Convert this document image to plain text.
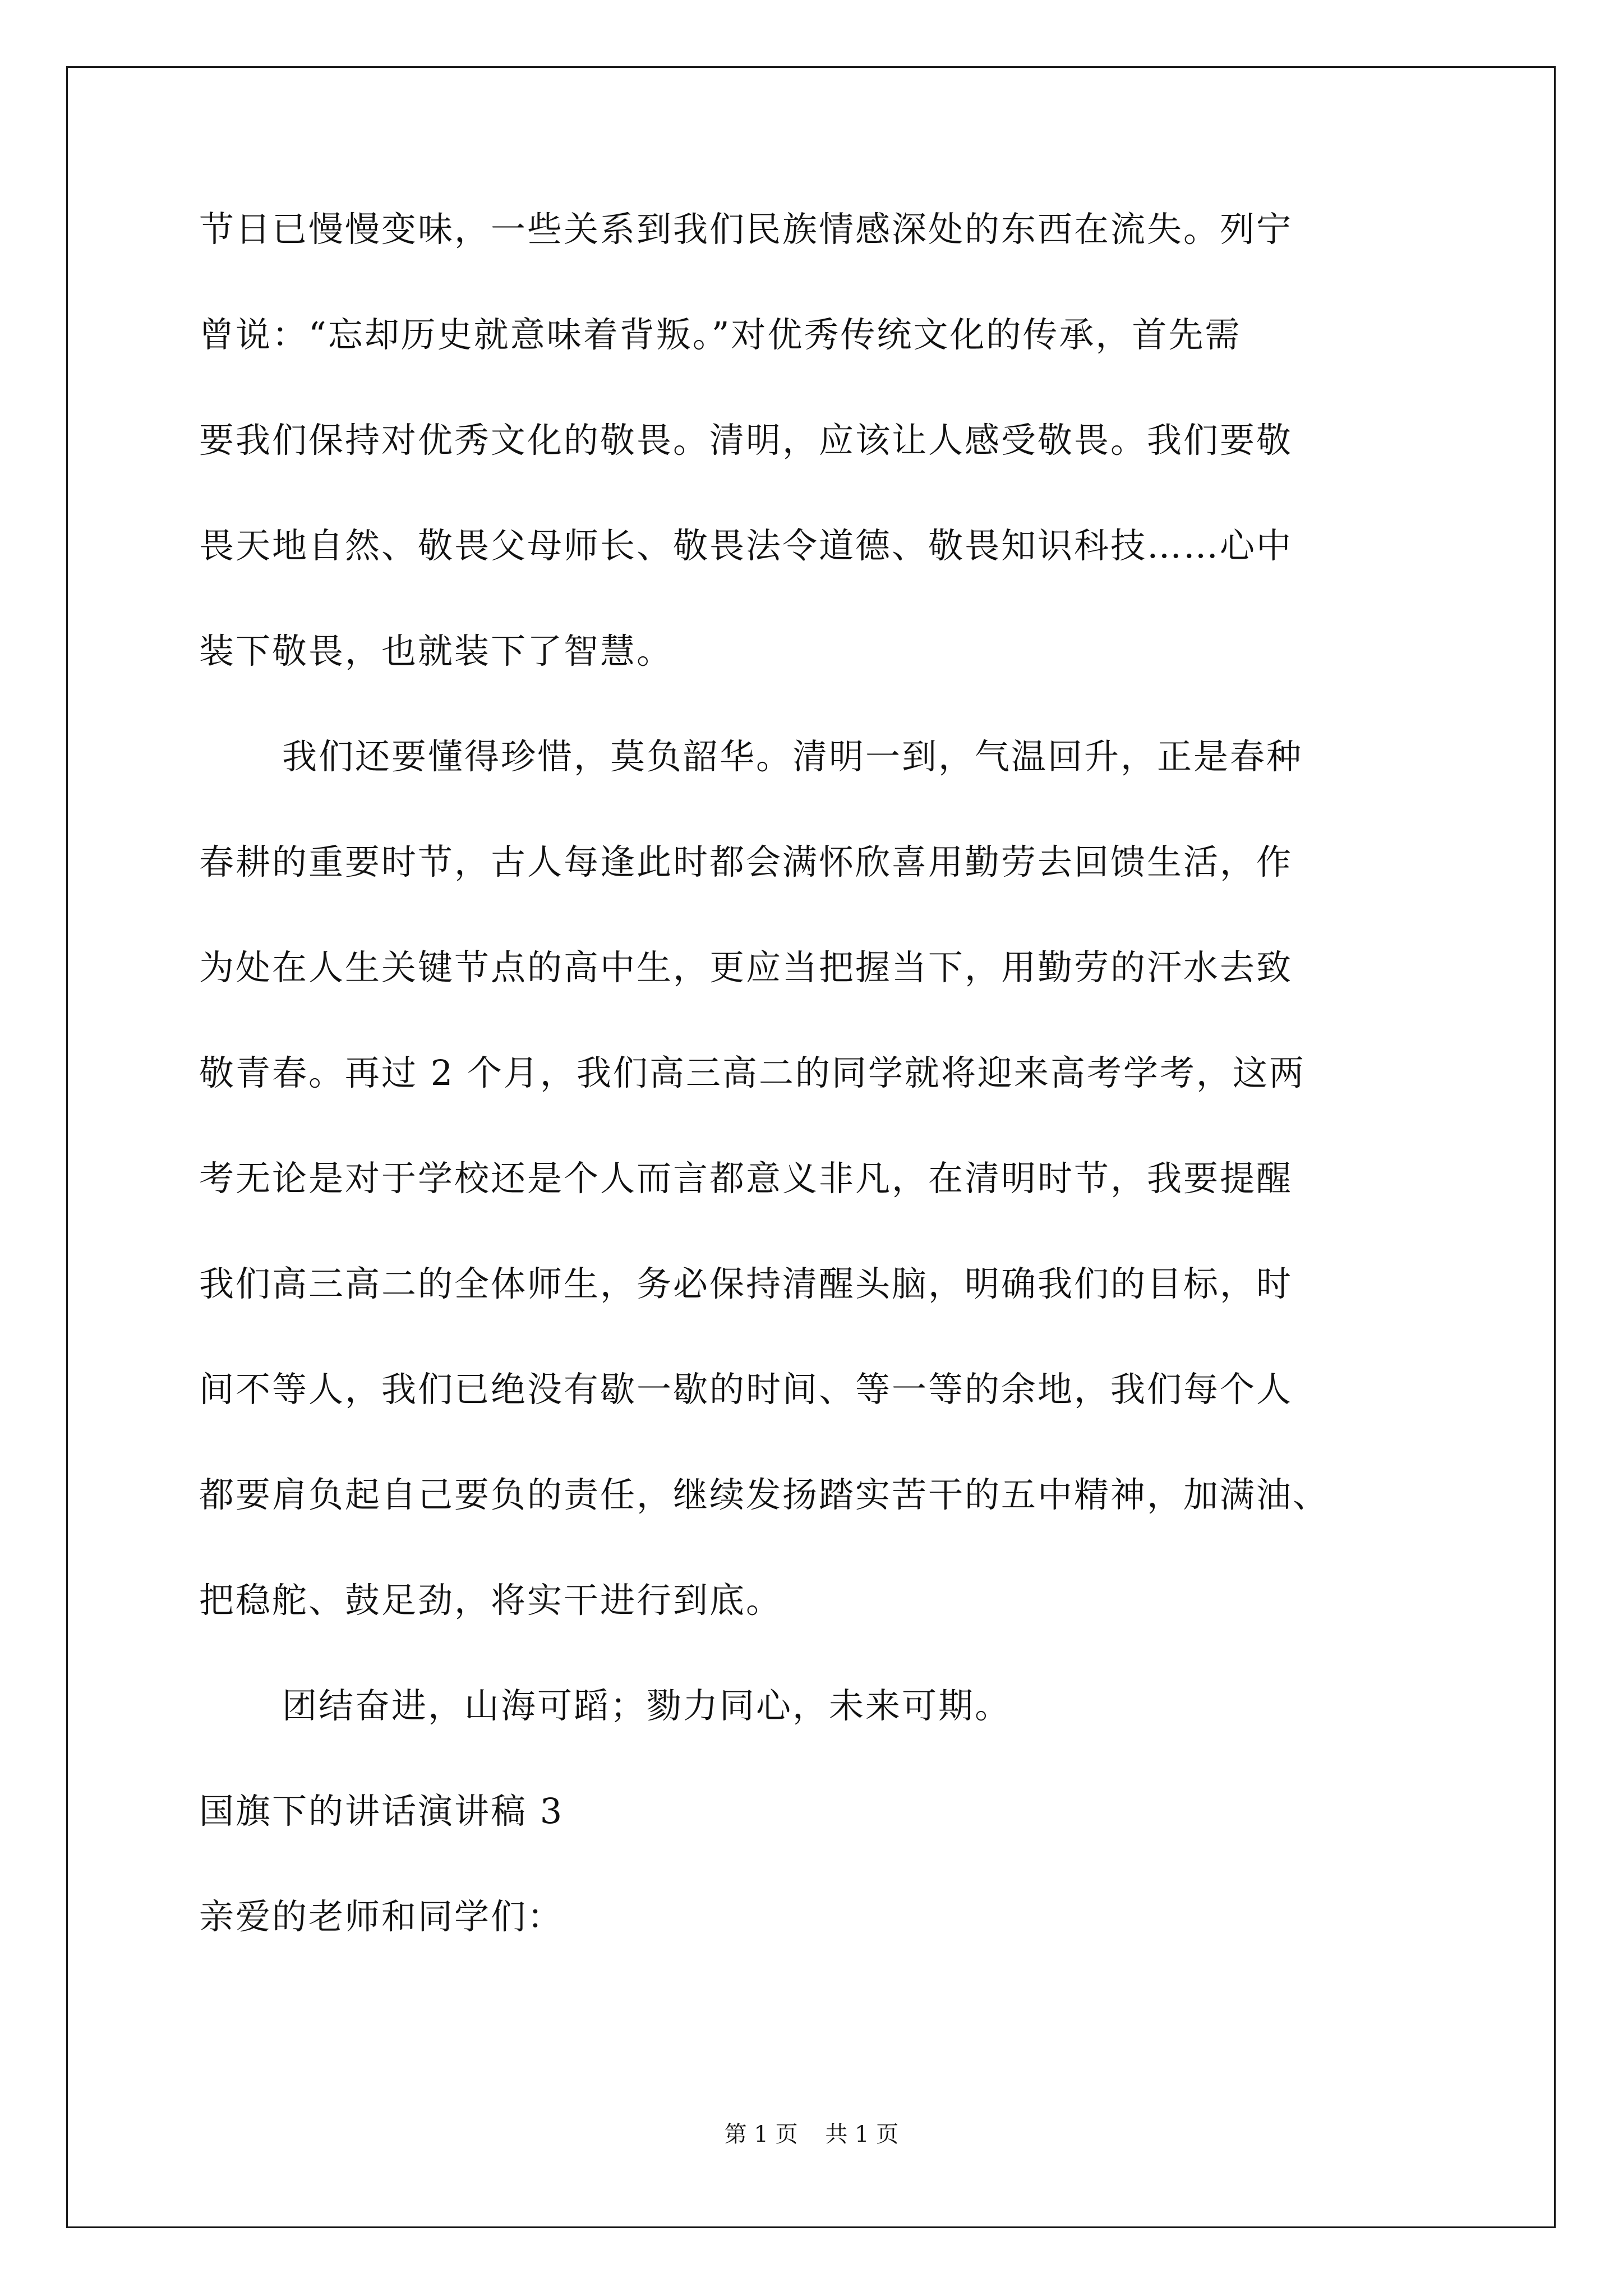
节日已慢慢变味，一些关系到我们民族情感深处的东西在流失。列宁

曾说：“忘却历史就意味着背叛。”对优秀传统文化的传承，首先需

要我们保持对优秀文化的敬畏。清明，应该让人感受敬畏。我们要敬

畏天地自然、敬畏父母师长、敬畏法令道德、敬畏知识科技……心中

装下敬畏，也就装下了智慧。

我们还要懂得珍惜，莫负韶华。清明一到，气温回升，正是春种

春耕的重要时节，古人每逢此时都会满怀欣喜用勤劳去回馈生活，作

为处在人生关键节点的高中生，更应当把握当下，用勤劳的汗水去致

敬青春。再过 2 个月，我们高三高二的同学就将迎来高考学考，这两

考无论是对于学校还是个人而言都意义非凡，在清明时节，我要提醒

我们高三高二的全体师生，务必保持清醒头脑，明确我们的目标，时

间不等人，我们已绝没有歇一歇的时间、等一等的余地，我们每个人

都要肩负起自己要负的责任，继续发扬踏实苦干的五中精神，加满油、

把稳舵、鼓足劲，将实干进行到底。

团结奋进，山海可蹈；勠力同心，未来可期。

国旗下的讲话演讲稿 3

亲爱的老师和同学们：

第 1 页 共 1 页
